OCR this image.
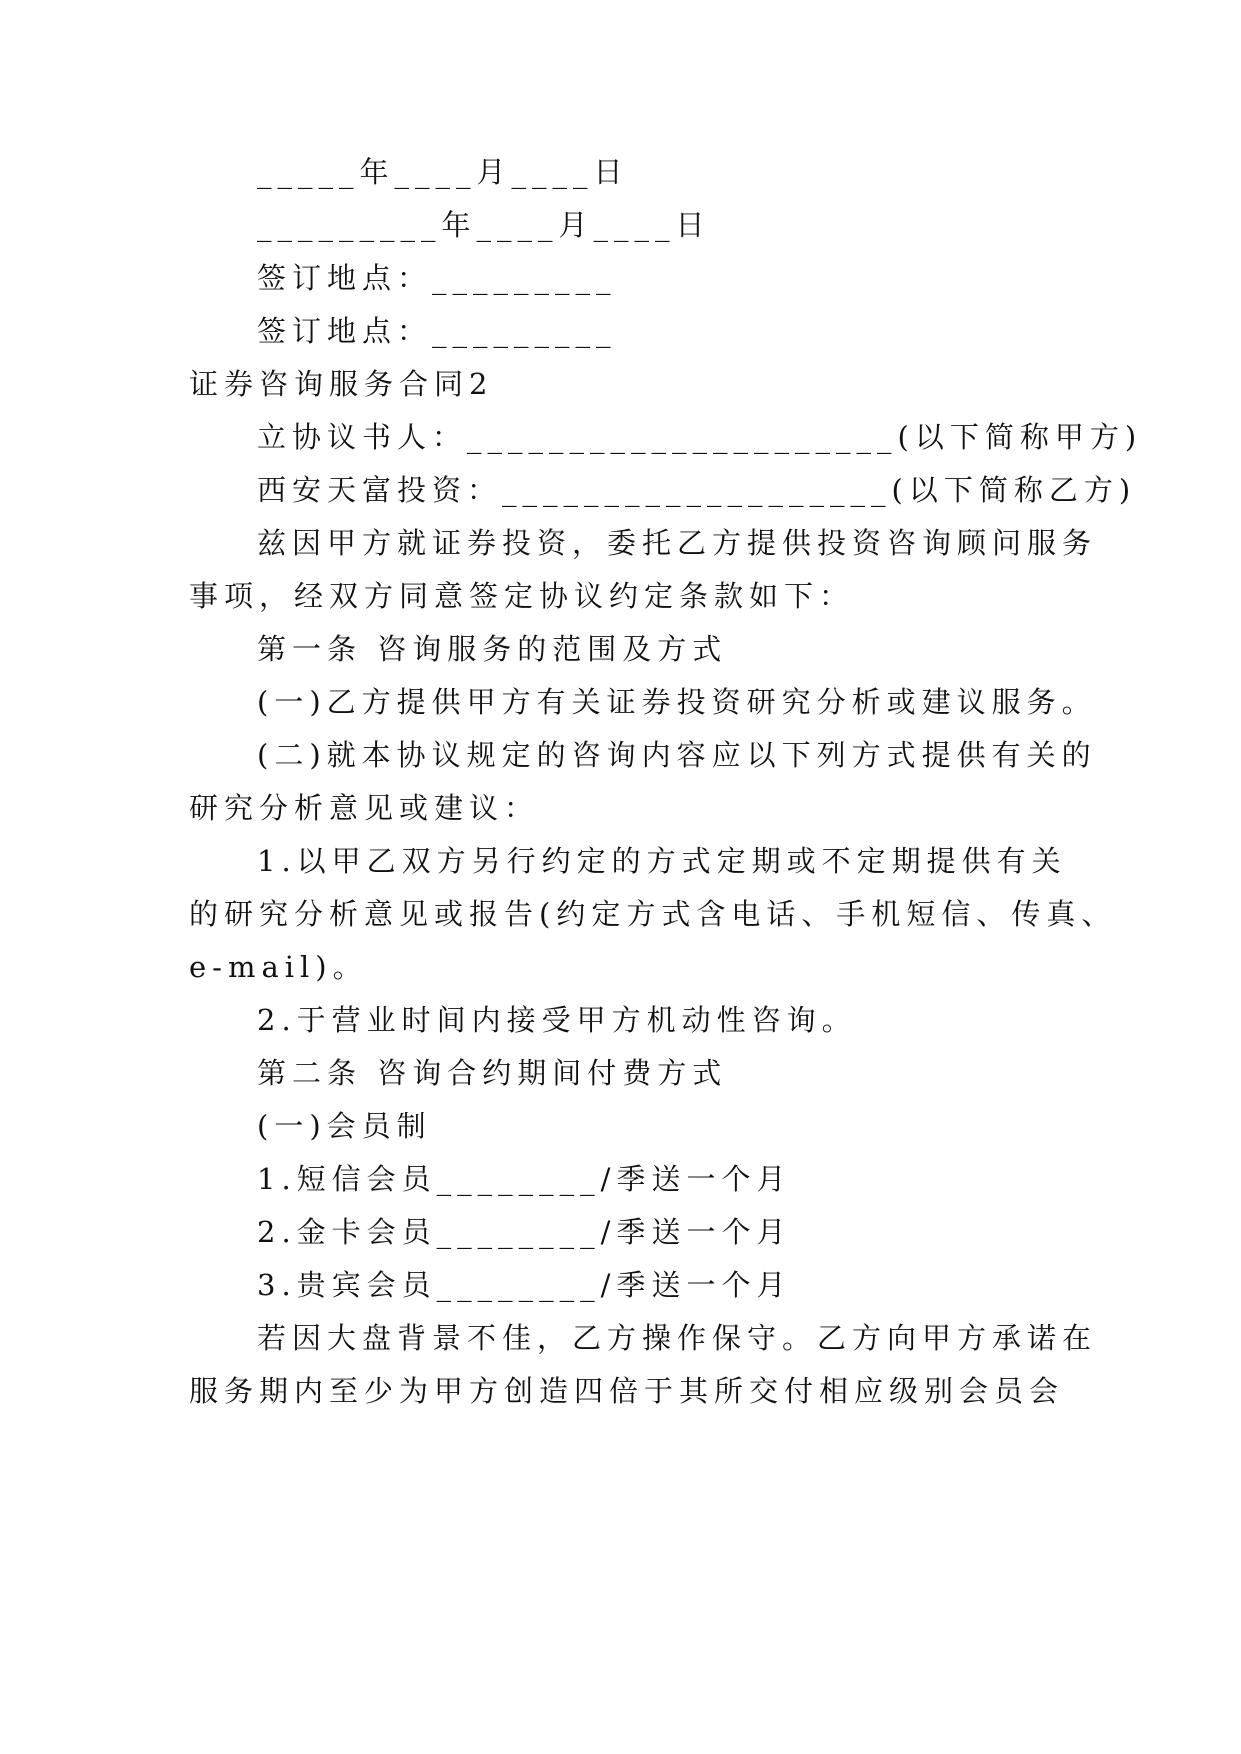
_____年____月____日
_________年____月____日
签订地点：_________
签订地点：_________
证券咨询服务合同2
立协议书人：_____________________(以下简称甲方)
西安天富投资：___________________(以下简称乙方)
兹因甲方就证券投资，委托乙方提供投资咨询顾问服务
事项，经双方同意签定协议约定条款如下：
第一条 咨询服务的范围及方式
(一)乙方提供甲方有关证券投资研究分析或建议服务。
(二)就本协议规定的咨询内容应以下列方式提供有关的
研究分析意见或建议：
1.以甲乙双方另行约定的方式定期或不定期提供有关
的研究分析意见或报告(约定方式含电话、手机短信、传真、
e-mail)。
2.于营业时间内接受甲方机动性咨询。
第二条 咨询合约期间付费方式
(一)会员制
1.短信会员________/季送一个月
2.金卡会员________/季送一个月
3.贵宾会员________/季送一个月
若因大盘背景不佳，乙方操作保守。乙方向甲方承诺在
服务期内至少为甲方创造四倍于其所交付相应级别会员会
